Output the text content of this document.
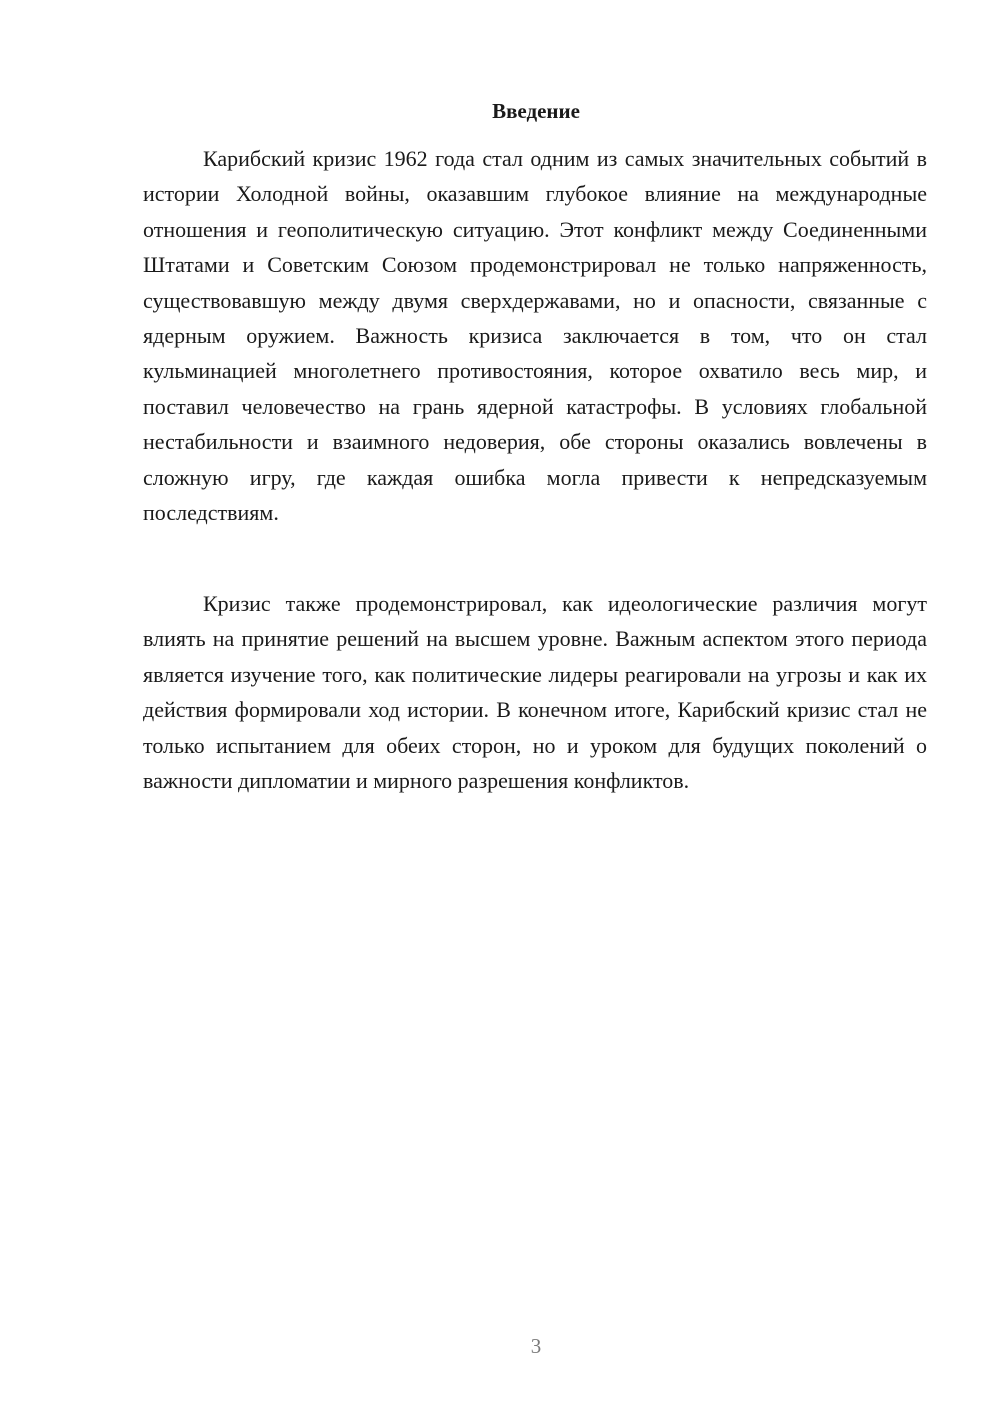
Введение

Карибский кризис 1962 года стал одним из самых значительных событий в истории Холодной войны, оказавшим глубокое влияние на международные отношения и геополитическую ситуацию. Этот конфликт между Соединенными Штатами и Советским Союзом продемонстрировал не только напряженность, существовавшую между двумя сверхдержавами, но и опасности, связанные с ядерным оружием. Важность кризиса заключается в том, что он стал кульминацией многолетнего противостояния, которое охватило весь мир, и поставил человечество на грань ядерной катастрофы. В условиях глобальной нестабильности и взаимного недоверия, обе стороны оказались вовлечены в сложную игру, где каждая ошибка могла привести к непредсказуемым последствиям.

Кризис также продемонстрировал, как идеологические различия могут влиять на принятие решений на высшем уровне. Важным аспектом этого периода является изучение того, как политические лидеры реагировали на угрозы и как их действия формировали ход истории. В конечном итоге, Карибский кризис стал не только испытанием для обеих сторон, но и уроком для будущих поколений о важности дипломатии и мирного разрешения конфликтов.

3
